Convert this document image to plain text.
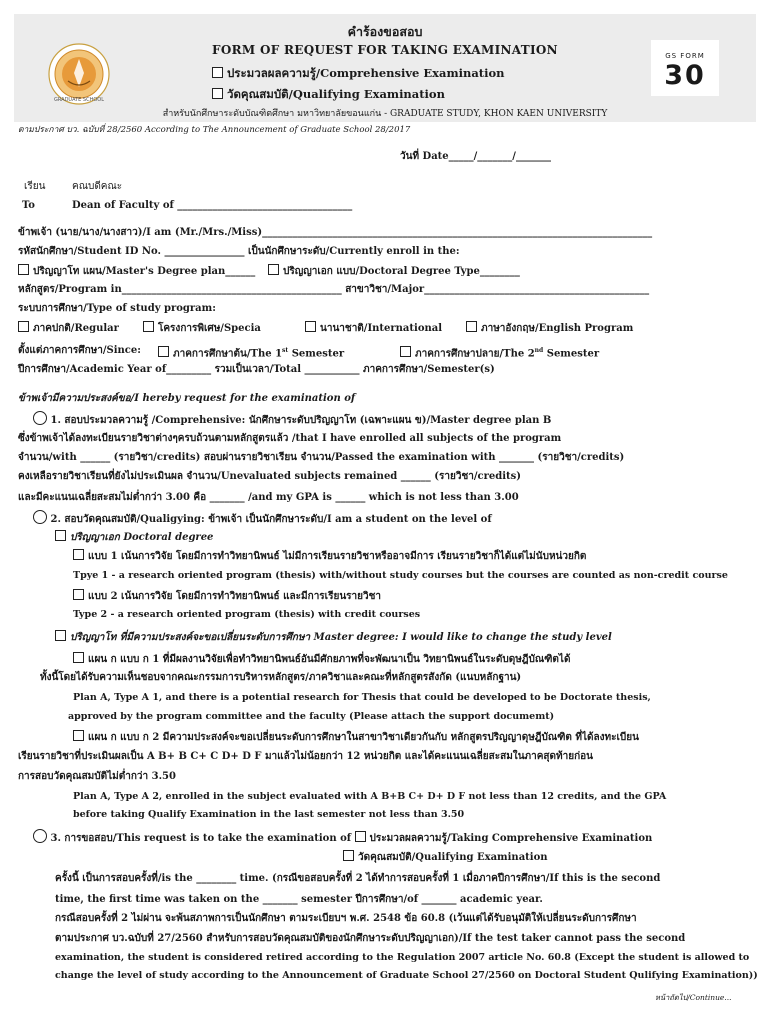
GRADUATE SCHOOL
คำร้องขอสอบ
FORM OF REQUEST FOR TAKING EXAMINATION
ประมวลผลความรู้/Comprehensive Examination
วัดคุณสมบัติ/Qualifying Examination
สำหรับนักศึกษาระดับบัณฑิตศึกษา มหาวิทยาลัยขอนแก่น - GRADUATE STUDY, KHON KAEN UNIVERSITY
GS FORM
30
ตามประกาศ บว. ฉบับที่ 28/2560 According to The Announcement of Graduate School 28/2017
วันที่ Date_____/_______/_______
เรียน	คณบดีคณะ
To	Dean of Faculty of ___________________________________
ข้าพเจ้า (นาย/นาง/นางสาว)/I am (Mr./Mrs./Miss)______________________________________________________________________________
รหัสนักศึกษา/Student ID No. ________________ เป็นนักศึกษาระดับ/Currently enroll in the:
ปริญญาโท แผน/Master's Degree plan______	ปริญญาเอก แบบ/Doctoral Degree Type________
หลักสูตร/Program in____________________________________________ สาขาวิชา/Major_____________________________________________
ระบบการศึกษา/Type of study program:
ภาคปกติ/Regular	โครงการพิเศษ/Specia	นานาชาติ/International	ภาษาอังกฤษ/English Program
ตั้งแต่ภาคการศึกษา/Since:	ภาคการศึกษาต้น/The 1st Semester	ภาคการศึกษาปลาย/The 2nd Semester
ปีการศึกษา/Academic Year of_________ รวมเป็นเวลา/Total ___________ ภาคการศึกษา/Semester(s)
ข้าพเจ้ามีความประสงค์ขอ/I hereby request for the examination of
1. สอบประมวลความรู้ /Comprehensive: นักศึกษาระดับปริญญาโท (เฉพาะแผน ข)/Master degree plan B
ซึ่งข้าพเจ้าได้ลงทะเบียนรายวิชาต่างๆครบถ้วนตามหลักสูตรแล้ว /that I have enrolled all subjects of the program
จำนวน/with ______ (รายวิชา/credits) สอบผ่านรายวิชาเรียน จำนวน/Passed the examination with _______ (รายวิชา/credits)
คงเหลือรายวิชาเรียนที่ยังไม่ประเมินผล จำนวน/Unevaluated subjects remained ______ (รายวิชา/credits)
และมีคะแนนเฉลี่ยสะสมไม่ต่ำกว่า 3.00 คือ _______ /and my GPA is ______ which is not less than 3.00
2. สอบวัดคุณสมบัติ/Qualigying: ข้าพเจ้า เป็นนักศึกษาระดับ/I am a student on the level of
ปริญญาเอก Doctoral degree
แบบ 1 เน้นการวิจัย โดยมีการทำวิทยานิพนธ์ ไม่มีการเรียนรายวิชาหรืออาจมีการ เรียนรายวิชาก็ได้แต่ไม่นับหน่วยกิต
Tpye 1 - a research oriented program (thesis) with/without study courses but the courses are counted as non-credit course
แบบ 2 เน้นการวิจัย โดยมีการทำวิทยานิพนธ์ และมีการเรียนรายวิชา
Type 2 - a research oriented program (thesis) with credit courses
ปริญญาโท ที่มีความประสงค์จะขอเปลี่ยนระดับการศึกษา Master degree: I would like to change the study level
แผน ก แบบ ก 1 ที่มีผลงานวิจัยเพื่อทำวิทยานิพนธ์อันมีศักยภาพที่จะพัฒนาเป็น วิทยานิพนธ์ในระดับดุษฎีบัณฑิตได้
ทั้งนี้โดยได้รับความเห็นชอบจากคณะกรรมการบริหารหลักสูตร/ภาควิชาและคณะที่หลักสูตรสังกัด (แนบหลักฐาน)
Plan A, Type A 1, and there is a potential research for Thesis that could be developed to be Doctorate thesis,
approved by the program committee and the faculty (Please attach the support documemt)
แผน ก แบบ ก 2 มีความประสงค์จะขอเปลี่ยนระดับการศึกษาในสาขาวิชาเดียวกันกับ หลักสูตรปริญญาดุษฎีบัณฑิต ที่ได้ลงทะเบียน
เรียนรายวิชาที่ประเมินผลเป็น A B+ B C+ C D+ D F มาแล้วไม่น้อยกว่า 12 หน่วยกิต และได้คะแนนเฉลี่ยสะสมในภาคสุดท้ายก่อน
การสอบวัดคุณสมบัติไม่ต่ำกว่า 3.50
Plan A, Type A 2, enrolled in the subject evaluated with A B+B C+ D+ D F not less than 12 credits, and the GPA
before taking Qualify Examination in the last semester not less than 3.50
3. การขอสอบ/This request is to take the examination of ประมวลผลความรู้/Taking Comprehensive Examination
วัดคุณสมบัติ/Qualifying Examination
ครั้งนี้ เป็นการสอบครั้งที่/is the ________ time. (กรณีขอสอบครั้งที่ 2 ได้ทำการสอบครั้งที่ 1 เมื่อภาคปีการศึกษา/If this is the second
time, the first time was taken on the _______ semester ปีการศึกษา/of _______ academic year.
กรณีสอบครั้งที่ 2 ไม่ผ่าน จะพ้นสภาพการเป็นนักศึกษา ตามระเบียบฯ พ.ศ. 2548 ข้อ 60.8 (เว้นแต่ได้รับอนุมัติให้เปลี่ยนระดับการศึกษา
ตามประกาศ บว.ฉบับที่ 27/2560 สำหรับการสอบวัดคุณสมบัติของนักศึกษาระดับปริญญาเอก)/If the test taker cannot pass the second
examination, the student is considered retired according to the Regulation 2007 article No. 60.8 (Except the student is allowed to
change the level of study according to the Announcement of Graduate School 27/2560 on Doctoral Student Qulifying Examination))
หน้าถัดไป/Continue...
